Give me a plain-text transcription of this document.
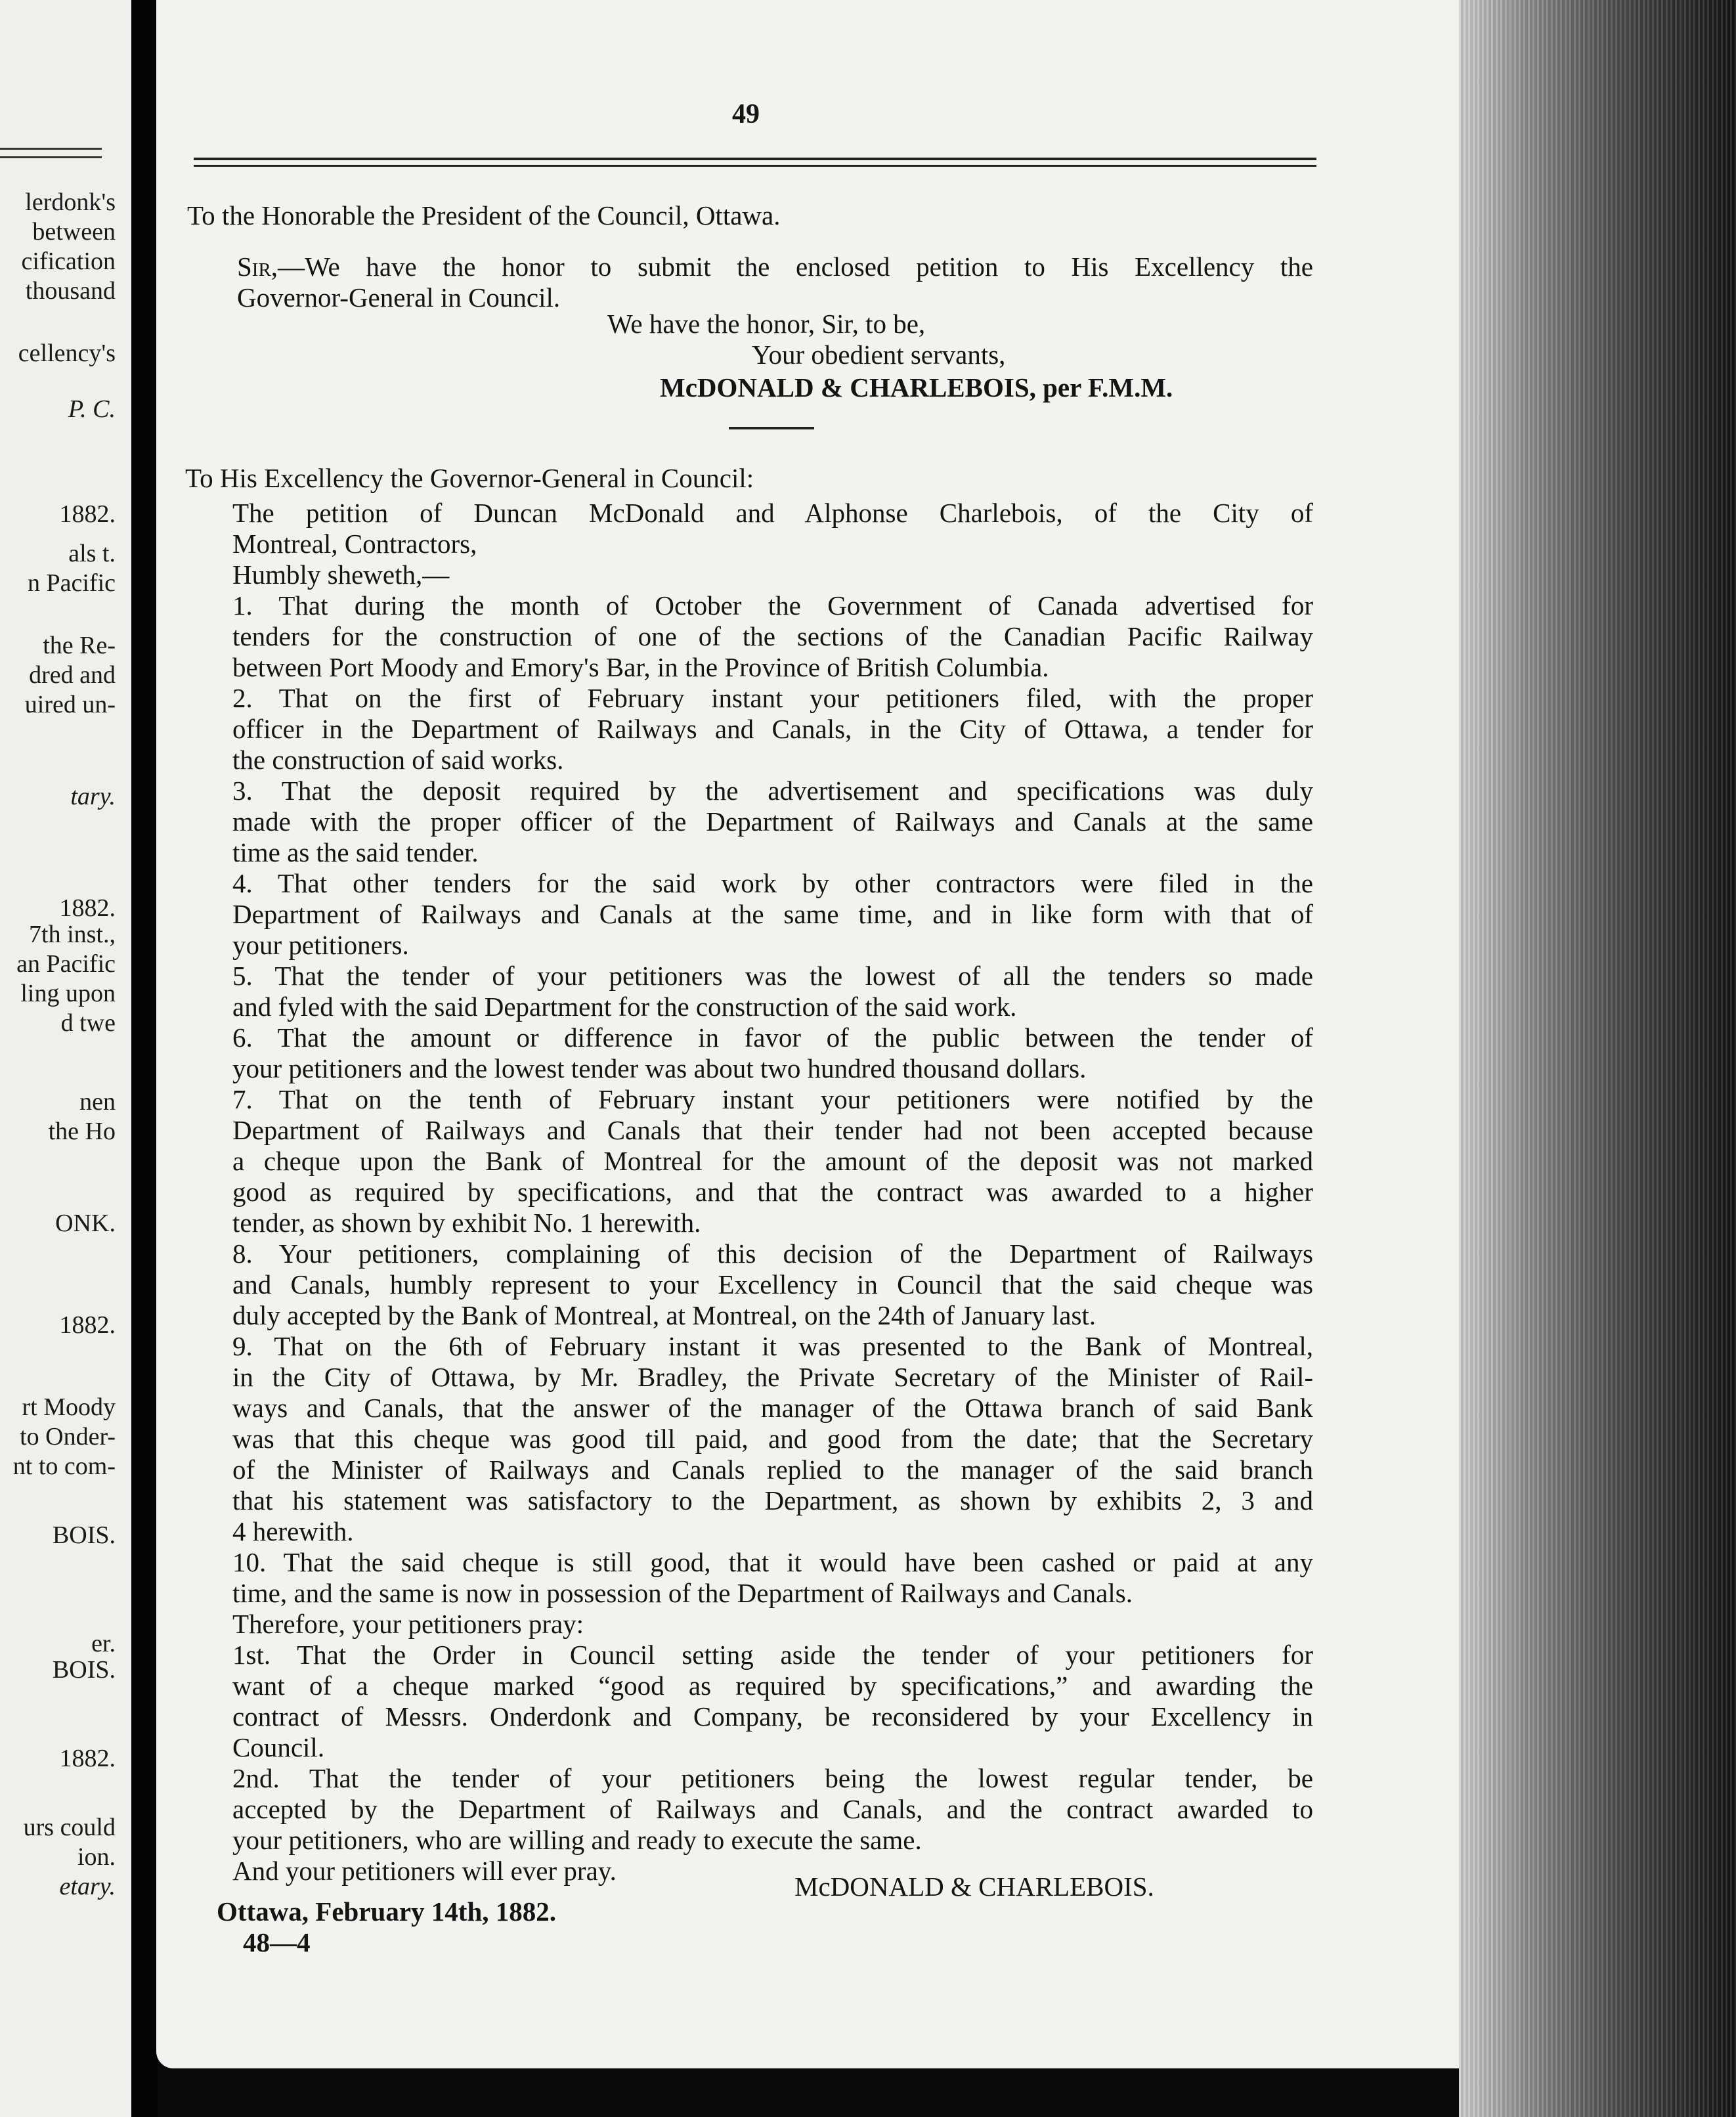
lerdonk's
between
cification
thousand
cellency's
P. C.
1882.
als t.
n Pacific
the Re-
dred and
uired un-
tary.
1882.
7th inst.,
an Pacific
ling upon
d twe
nen
the Ho
ONK.
1882.
rt Moody
to Onder-
nt to com-
BOIS.
er.
BOIS.
1882.
urs could
ion.
etary.
49
To the Honorable the President of the Council, Ottawa.

Sir,—We have the honor to submit the enclosed petition to His Excellency the
Governor-General in Council.

We have the honor, Sir, to be,
Your obedient servants,
McDONALD & CHARLEBOIS, per F.M.M.
To His Excellency the Governor-General in Council:

The petition of Duncan McDonald and Alphonse Charlebois, of the City of
Montreal, Contractors,

Humbly sheweth,—

1. That during the month of October the Government of Canada advertised for
tenders for the construction of one of the sections of the Canadian Pacific Railway
between Port Moody and Emory's Bar, in the Province of British Columbia.

2. That on the first of February instant your petitioners filed, with the proper
officer in the Department of Railways and Canals, in the City of Ottawa, a tender for
the construction of said works.

3. That the deposit required by the advertisement and specifications was duly
made with the proper officer of the Department of Railways and Canals at the same
time as the said tender.

4. That other tenders for the said work by other contractors were filed in the
Department of Railways and Canals at the same time, and in like form with that of
your petitioners.

5. That the tender of your petitioners was the lowest of all the tenders so made
and fyled with the said Department for the construction of the said work.

6. That the amount or difference in favor of the public between the tender of
your petitioners and the lowest tender was about two hundred thousand dollars.

7. That on the tenth of February instant your petitioners were notified by the
Department of Railways and Canals that their tender had not been accepted because
a cheque upon the Bank of Montreal for the amount of the deposit was not marked
good as required by specifications, and that the contract was awarded to a higher
tender, as shown by exhibit No. 1 herewith.

8. Your petitioners, complaining of this decision of the Department of Railways
and Canals, humbly represent to your Excellency in Council that the said cheque was
duly accepted by the Bank of Montreal, at Montreal, on the 24th of January last.

9. That on the 6th of February instant it was presented to the Bank of Montreal,
in the City of Ottawa, by Mr. Bradley, the Private Secretary of the Minister of Rail-
ways and Canals, that the answer of the manager of the Ottawa branch of said Bank
was that this cheque was good till paid, and good from the date; that the Secretary
of the Minister of Railways and Canals replied to the manager of the said branch
that his statement was satisfactory to the Department, as shown by exhibits 2, 3 and
4 herewith.

10. That the said cheque is still good, that it would have been cashed or paid at any
time, and the same is now in possession of the Department of Railways and Canals.

Therefore, your petitioners pray:

1st. That the Order in Council setting aside the tender of your petitioners for
want of a cheque marked “good as required by specifications,” and awarding the
contract of Messrs. Onderdonk and Company, be reconsidered by your Excellency in
Council.

2nd. That the tender of your petitioners being the lowest regular tender, be
accepted by the Department of Railways and Canals, and the contract awarded to
your petitioners, who are willing and ready to execute the same.

And your petitioners will ever pray.

McDONALD & CHARLEBOIS.
Ottawa, February 14th, 1882.
48—4
